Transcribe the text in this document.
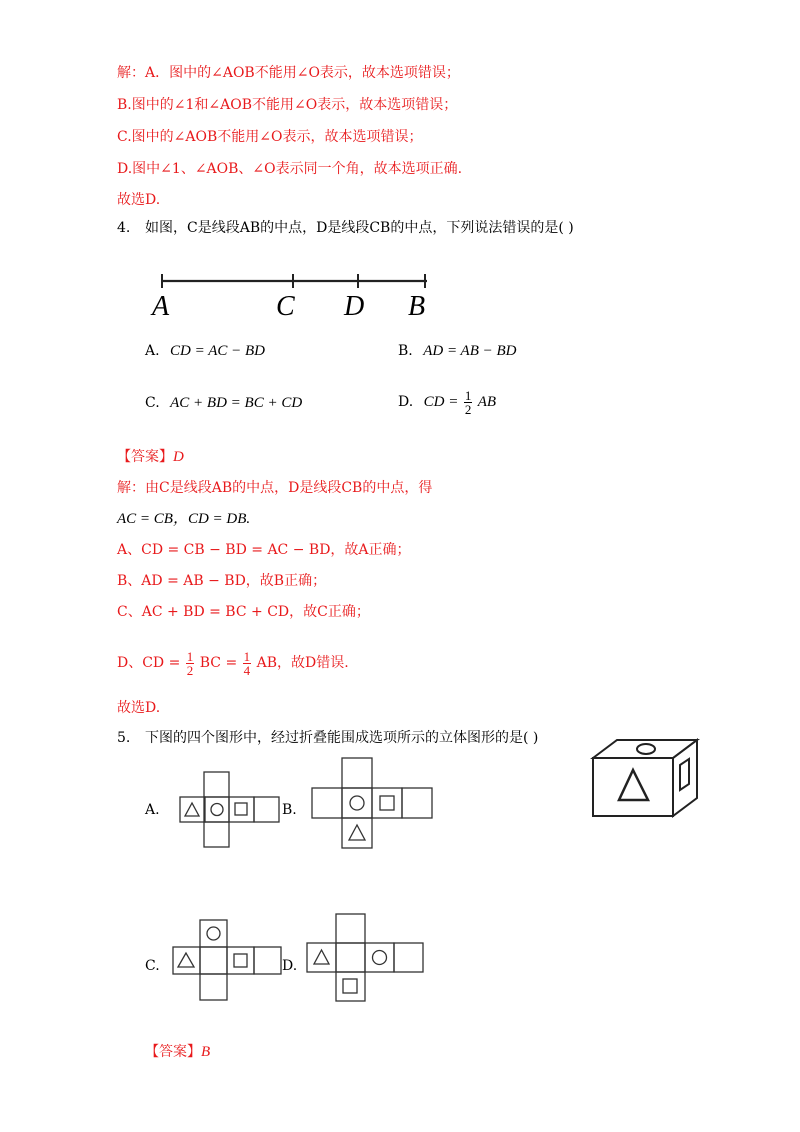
解：A．图中的∠AOB不能用∠O表示，故本选项错误；
B.图中的∠1和∠AOB不能用∠O表示，故本选项错误；
C.图中的∠AOB不能用∠O表示，故本选项错误；
D.图中∠1、∠AOB、∠O表示同一个角，故本选项正确.
故选D.
4. 如图，C是线段AB的中点，D是线段CB的中点，下列说法错误的是( )
A	C D B
A. CD = AC − BD	B. AD = AB − BD
C. AC + BD = BC + CD	D. CD = $\frac{1}{2}$ AB
【答案】D
解：由C是线段AB的中点，D是线段CB的中点，得
AC = CB，CD = DB.
A、CD = CB − BD = AC − BD，故A正确；
B、AD = AB − BD，故B正确；
C、AC + BD = BC + CD，故C正确；
D、CD = $\frac{1}{2}$ BC = $\frac{1}{4}$ AB，故D错误.
故选D.
5. 下图的四个图形中，经过折叠能围成选项所示的立体图形的是( )
A.	B.
C.	D.
【答案】B
